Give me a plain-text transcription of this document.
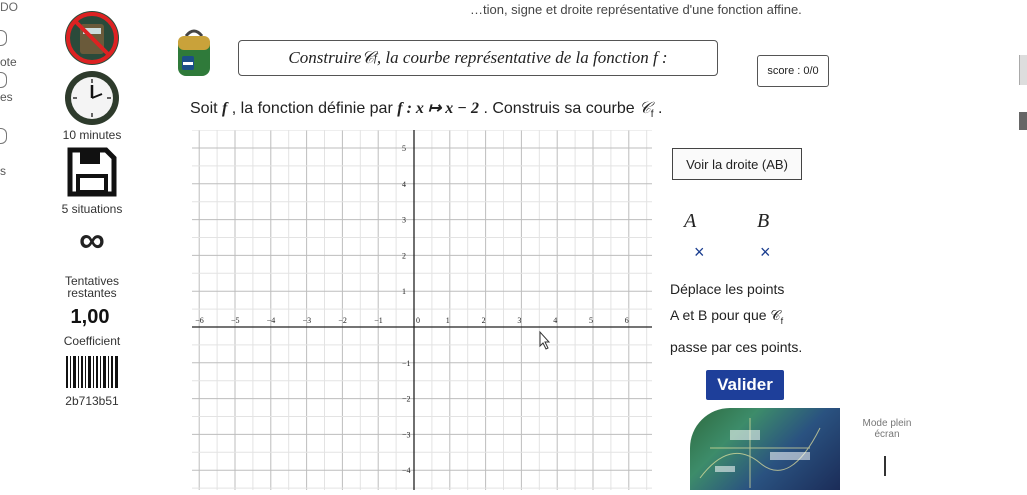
DO	…tion, signe et droite représentative d'une fonction affine.
ote
es
s
10 minutes
5 situations
∞
Tentatives restantes
1,00
Coefficient
2b713b51
Construire 𝒞 f , la courbe représentative de la fonction f :
score : 0/0
Soit f , la fonction définie par f : x ↦ x − 2 . Construis sa courbe 𝒞$_f$ .
−6	−5	−4	−3	−2	−1	0	1	2	3	4	5	6
5
4
3
2
1
−1
−2
−3
−4
Voir la droite (AB)
A	B
×	×
Déplace les points
A et B pour que 𝒞$_f$
passe par ces points.
Valider
Mode plein écran
